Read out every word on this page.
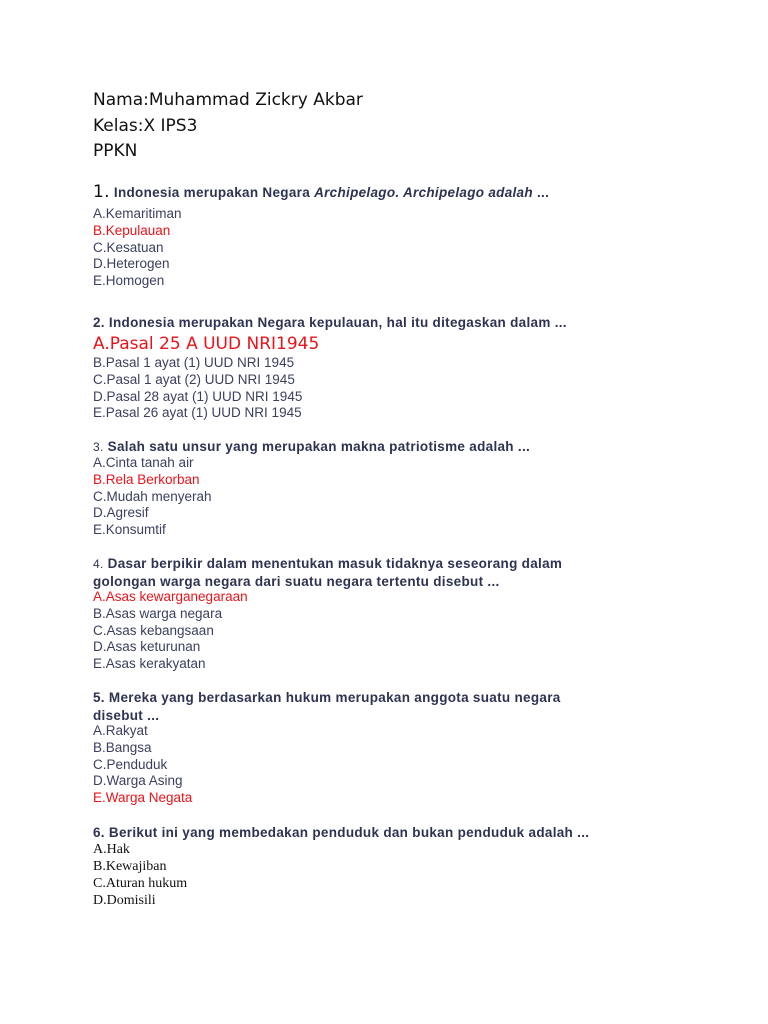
Nama:Muhammad Zickry Akbar
Kelas:X IPS3
PPKN
1. Indonesia merupakan Negara Archipelago. Archipelago adalah ...
A.Kemaritiman
B.Kepulauan
C.Kesatuan
D.Heterogen
E.Homogen
2. Indonesia merupakan Negara kepulauan, hal itu ditegaskan dalam ...
A.Pasal 25 A UUD NRI1945
B.Pasal 1 ayat (1) UUD NRI 1945
C.Pasal 1 ayat (2) UUD NRI 1945
D.Pasal 28 ayat (1) UUD NRI 1945
E.Pasal 26 ayat (1) UUD NRI 1945
3. Salah satu unsur yang merupakan makna patriotisme adalah ...
A.Cinta tanah air
B.Rela Berkorban
C.Mudah menyerah
D.Agresif
E.Konsumtif
4. Dasar berpikir dalam menentukan masuk tidaknya seseorang dalam
golongan warga negara dari suatu negara tertentu disebut ...
A.Asas kewarganegaraan
B.Asas warga negara
C.Asas kebangsaan
D.Asas keturunan
E.Asas kerakyatan
5. Mereka yang berdasarkan hukum merupakan anggota suatu negara
disebut ...
A.Rakyat
B.Bangsa
C.Penduduk
D.Warga Asing
E.Warga Negata
6. Berikut ini yang membedakan penduduk dan bukan penduduk adalah ...
A.Hak
B.Kewajiban
C.Aturan hukum
D.Domisili
